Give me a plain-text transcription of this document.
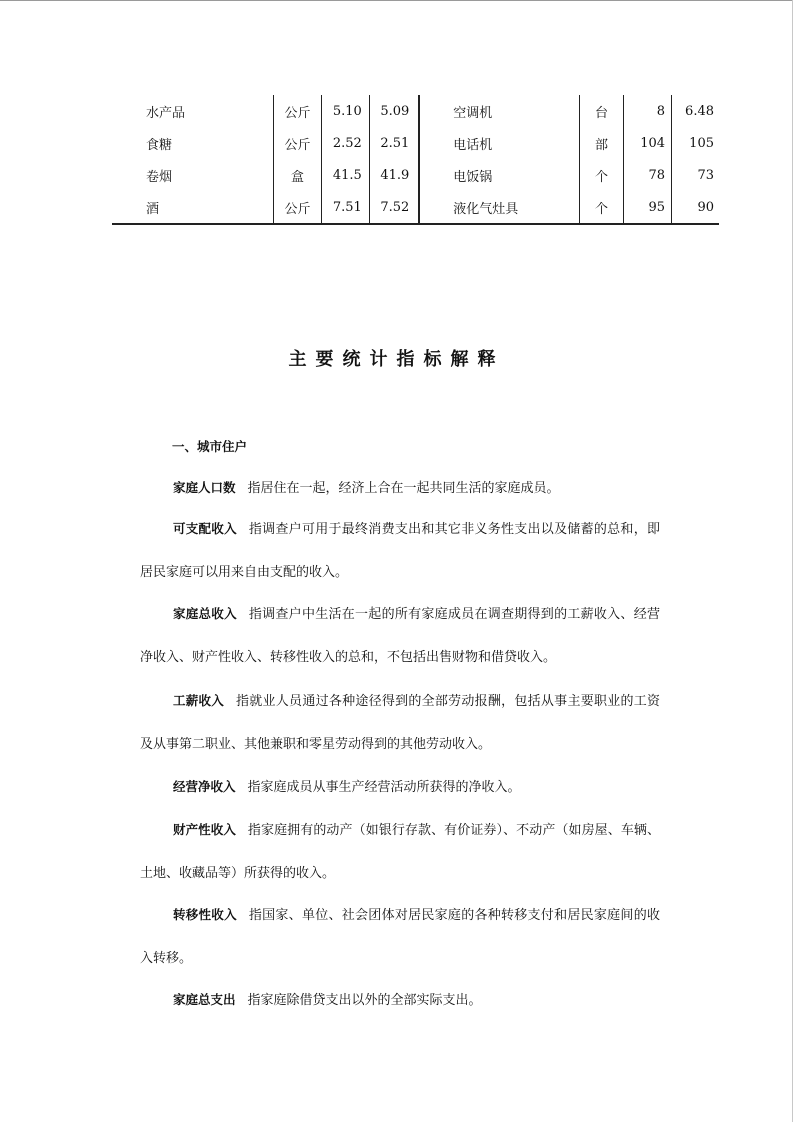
水产品	公斤	5.10	5.09	空调机	台	8	6.48
食糖	公斤	2.52	2.51	电话机	部	104	105
卷烟	盒	41.5	41.9	电饭锅	个	78	73
酒	公斤	7.51	7.52	液化气灶具	个	95	90
主要统计指标解释
一、城市住户

家庭人口数 指居住在一起，经济上合在一起共同生活的家庭成员。

可支配收入 指调查户可用于最终消费支出和其它非义务性支出以及储蓄的总和，即居民家庭可以用来自由支配的收入。

家庭总收入 指调查户中生活在一起的所有家庭成员在调查期得到的工薪收入、经营净收入、财产性收入、转移性收入的总和，不包括出售财物和借贷收入。

工薪收入 指就业人员通过各种途径得到的全部劳动报酬，包括从事主要职业的工资及从事第二职业、其他兼职和零星劳动得到的其他劳动收入。

经营净收入 指家庭成员从事生产经营活动所获得的净收入。

财产性收入 指家庭拥有的动产（如银行存款、有价证券）、不动产（如房屋、车辆、土地、收藏品等）所获得的收入。

转移性收入 指国家、单位、社会团体对居民家庭的各种转移支付和居民家庭间的收入转移。

家庭总支出 指家庭除借贷支出以外的全部实际支出。
